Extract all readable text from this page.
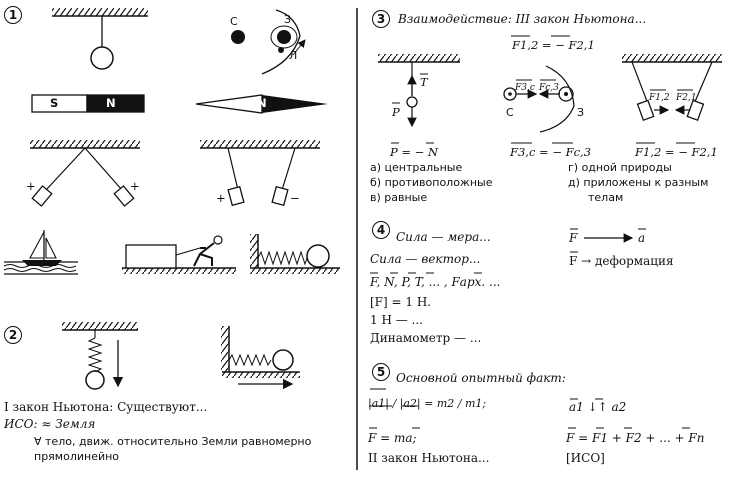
1	С	З
Л
S	N	N
+	+
+	−
2
I закон Ньютона: Существуют...
ИСО: ≈ Земля
∀ тело, движ. относительно Земли равномерно
прямолинейно
3	Взаимодействие: III закон Ньютона...
F1,2 = − F2,1
T
P
P = − N
F3,с Fс,3
С	З
F1,2 F2,1
F3,с = − Fс,3	F1,2 = − F2,1
а) центральные
б) противоположные
в) равные
г) одной природы
д) приложены к разным
телам
4 Сила — мера...
Сила — вектор...
F, N, P, T, ... , Fарх. ...
[F] = 1 Н.
1 Н — ...
Динамометр — ...
F	a
F → деформация
5 Основной опытный факт:
|a1| / |a2| = m2 / m1;
F = ma;
II закон Ньютона...
a1 ↓↑ a2
F = F1 + F2 + ... + Fn
[ИСО]
